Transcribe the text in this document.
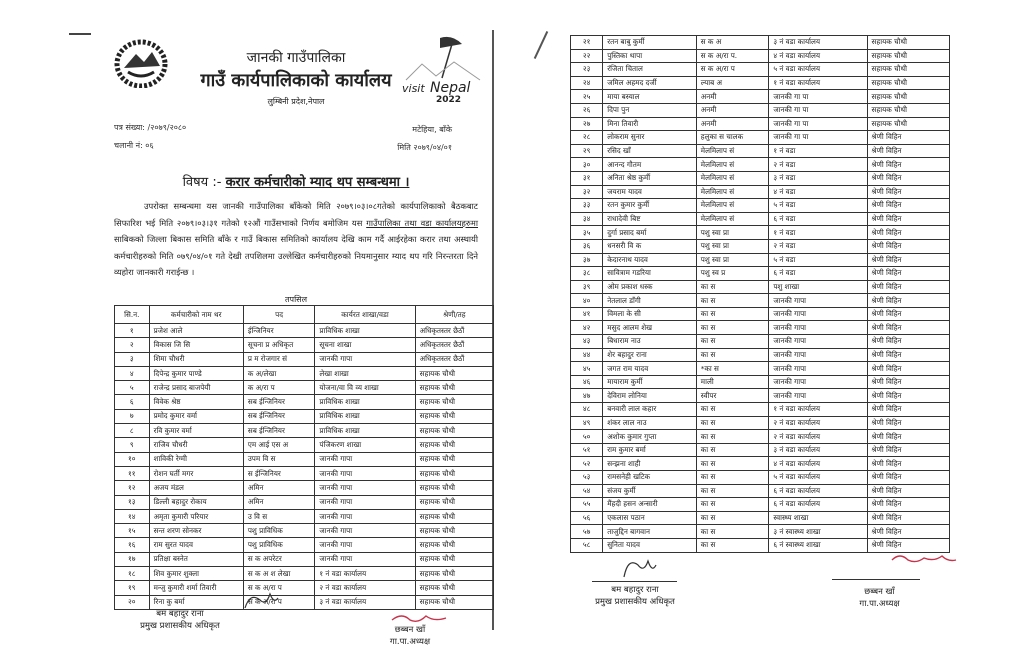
जानकी गाउँपालिका
गाउँ कार्यपालिकाको कार्यालय
लुम्बिनी प्रदेश,नेपाल
visit Nepal
2022
पत्र संख्या: /२०७९/२०८०
चलानी नं: ०६
मटेहिया, बाँके
मिति २०७९/०४/०१
विषय :- करार कर्मचारीको म्याद थप सम्बन्धमा ।
उपरोक्त सम्बन्धमा यस जानकी गाउँपालिका बाँकेको मिति २०७९।०३।०८गतेको कार्यपालिकाको बैठकबाट सिफारिश भई मिति २०७९।०३।३१ गतेको १२औं गाउँसभाको निर्णय बमोजिम यस गाउँपालिका तथा वडा कार्यालयहरुमा साबिकको जिल्ला बिकास समिति बाँके र गाउँ बिकास समितिको कार्यालय देखि काम गर्दै आईरहेका करार तथा अस्थायी कर्मचारीहरुको मिति ०७९/०४/०१ गते देखी तपशिलमा उल्लेखित कर्मचारीहरुको नियमानुसार म्याद थप गरि निरन्तरता दिने व्यहोरा जानकारी गराईन्छ ।
तपसिल
सि.न.	कर्मचारीको नाम थर	पद	कार्यरत शाखा/वडा	श्रेणी/तह
१	प्रजेश आले	ईन्जिनियर	प्राविधिक शाखा	अधिकृतस्तर छैठौं
२	विकास जि सि	सूचना प्र अधिकृत	सूचना शाखा	अधिकृतस्तर छैठौं
३	शिमा चौधरी	प्र म रोजगार सं	जानकी गापा	अधिकृतस्तर छैठौं
४	दिपेन्द्र कुमार पाण्डे	क अ/लेखा	लेखा शाखा	सहायक चौथी
५	राजेन्द्र प्रसाद बाजपेयी	क अ/रा प	योजना/वा वि व्य शाखा	सहायक चौथी
६	विवेक श्रेष्ठ	सब ईन्जिनियर	प्राविधिक शाखा	सहायक चौथी
७	प्रमोद कुमार वर्मा	सब ईन्जिनियर	प्राविधिक शाखा	सहायक चौथी
८	रवि कुमार वर्मा	सब ईन्जिनियर	प्राविधिक शाखा	सहायक चौथी
९	राजिव चौधरी	एम आई एस अ	पंजिकरण शाखा	सहायक चौथी
१०	शाविकी रेग्मी	उपम वि स	जानकी गापा	सहायक चौथी
११	रोशन घर्ती मगर	स ईन्जिनियर	जानकी गापा	सहायक चौथी
१२	अजय मंडल	अमिन	जानकी गापा	सहायक चौथी
१३	डिल्ली बहादुर रोकाय	अमिन	जानकी गापा	सहायक चौथी
१४	अमृता कुमारी परियार	उ वि स	जानकी गापा	सहायक चौथी
१५	सन्त शरण सोनकर	पशु प्राविधिक	जानकी गापा	सहायक चौथी
१६	राम सुरत यादव	पशु प्राविधिक	जानकी गापा	सहायक चौथी
१७	प्रतिक्षा बस्नेत	स क अपरेटर	जानकी गापा	सहायक चौथी
१८	शिव कुमार शुक्ला	स क अ श लेखा	१ नं वडा कार्यालय	सहायक चौथी
१९	मन्जु कुमारी शर्मा तिवारी	स क अ/रा प	२ नं वडा कार्यालय	सहायक चौथी
२०	रिना कु बर्मा	स क अ/रा प	३ नं वडा कार्यालय	सहायक चौथी
बम बहादुर राना
प्रमुख प्रशासकीय अधिकृत	छब्बन खाँ
गा.पा.अध्यक्ष
२१	रतन बाबु कुर्मी	स क अ	३ नं वडा कार्यालय	सहायक चौथी
२२	पुस्तिका थापा	स क अ/रा प.	४ नं वडा कार्यालय	सहायक चौथी
२३	रंजिता चिताल	स क अ/रा प	५ नं वडा कार्यालय	सहायक चौथी
२४	जमिल अहमद दर्जी	ल्याब अ	१ नं वडा कार्यालय	सहायक चौथी
२५	माया बस्याल	अनमी	जानकी गा पा	सहायक चौथी
२६	दिपा पुन	अनमी	जानकी गा पा	सहायक चौथी
२७	मिना तिवारी	अनमी	जानकी गा पा	सहायक चौथी
२८	लोकराम सुनार	हलुका स चालक	जानकी गा पा	श्रेणी विहिन
२९	रसिद खाँ	मेलमिलाप सं	१ नं वडा	श्रेणी विहिन
३०	आनन्द गौतम	मेलमिलाप सं	२ नं वडा	श्रेणी विहिन
३१	अनिता श्रेष्ठ कुर्मी	मेलमिलाप सं	३ नं वडा	श्रेणी विहिन
३२	जयराम यादव	मेलमिलाप सं	४ नं वडा	श्रेणी विहिन
३३	रतन कुमार कुर्मी	मेलमिलाप सं	५ नं वडा	श्रेणी विहिन
३४	राधादेवी बिष्ट	मेलमिलाप सं	६ नं वडा	श्रेणी विहिन
३५	दुर्गा प्रसाद बर्मा	पशु स्वा प्रा	१ नं वडा	श्रेणी विहिन
३६	धनसरी वि क	पशु स्वा प्रा	२ नं वडा	श्रेणी विहिन
३७	केदारनाथ यादव	पशु स्वा प्रा	५ नं वडा	श्रेणी विहिन
३८	सावित्राम गडरिया	पशु स्व प्र	६ नं वडा	श्रेणी विहिन
३९	ओम प्रकाश धस्क	का स	पशु शाखा	श्रेणी विहिन
४०	नेतलाल डाँगी	का स	जानकी गापा	श्रेणी विहिन
४१	विमला के सी	का स	जानकी गापा	श्रेणी विहिन
४२	मसुद आलम शेख	का स	जानकी गापा	श्रेणी विहिन
४३	बिधाराम नाउ	का स	जानकी गापा	श्रेणी विहिन
४४	शेर बहादुर राना	का स	जानकी गापा	श्रेणी विहिन
४५	जगत राम यादव	*का स	जानकी गापा	श्रेणी विहिन
४६	मायाराम कुर्मी	माली	जानकी गापा	श्रेणी विहिन
४७	देविराम लोनिया	स्वीपर	जानकी गापा	श्रेणी विहिन
४८	बनवारी लाल कहार	का स	१ नं वडा कार्यालय	श्रेणी विहिन
४९	शंकर लाल नाउ	का स	२ नं वडा कार्यालय	श्रेणी विहिन
५०	अशोक कुमार गुप्ता	का स	२ नं वडा कार्यालय	श्रेणी विहिन
५१	राम कुमार बर्मा	का स	३ नं वडा कार्यालय	श्रेणी विहिन
५२	सन्झना शाही	का स	४ नं वडा कार्यालय	श्रेणी विहिन
५३	रामसनेही खटिक	का स	५ नं वडा कार्यालय	श्रेणी विहिन
५४	संजय कुर्मी	का स	६ नं वडा कार्यालय	श्रेणी विहिन
५५	मैंहदी हसन अन्सारी	का स	६ नं वडा कार्यालय	श्रेणी विहिन
५६	एकलास पठान	का स	स्वास्थ्य शाखा	श्रेणी विहिन
५७	ताजुद्दिन बागवान	का स	३ नं स्वास्थ्य शाखा	श्रेणी विहिन
५८	सुनिता यादव	का स	६ नं स्वास्थ्य शाखा	श्रेणी विहिन
बम बहादुर राना
प्रमुख प्रशासकीय अधिकृत
छब्बन खाँ
गा.पा.अध्यक्ष
